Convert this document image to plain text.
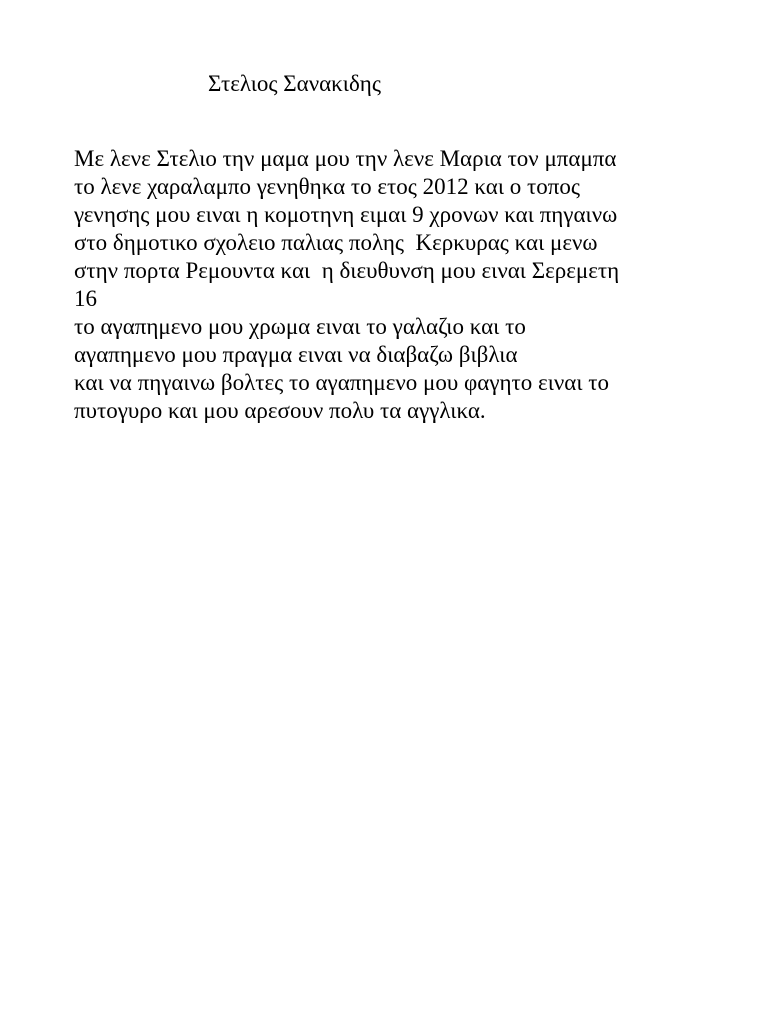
Στελιος Σανακιδης
Με λενε Στελιο την μαμα μου την λενε Μαρια τον μπαμπα
το λενε χαραλαμπο γενηθηκα το ετος 2012 και ο τοπος
γενησης μου ειναι η κομοτηνη ειμαι 9 χρονων και πηγαινω
στο δημοτικο σχολειο παλιας πολης  Κερκυρας και μενω
στην πορτα Ρεμουντα και  η διευθυνση μου ειναι Σερεμετη
16
το αγαπημενο μου χρωμα ειναι το γαλαζιο και το
αγαπημενο μου πραγμα ειναι να διαβαζω βιβλια
και να πηγαινω βολτες το αγαπημενο μου φαγητο ειναι το
πυτογυρο και μου αρεσουν πολυ τα αγγλικα.
